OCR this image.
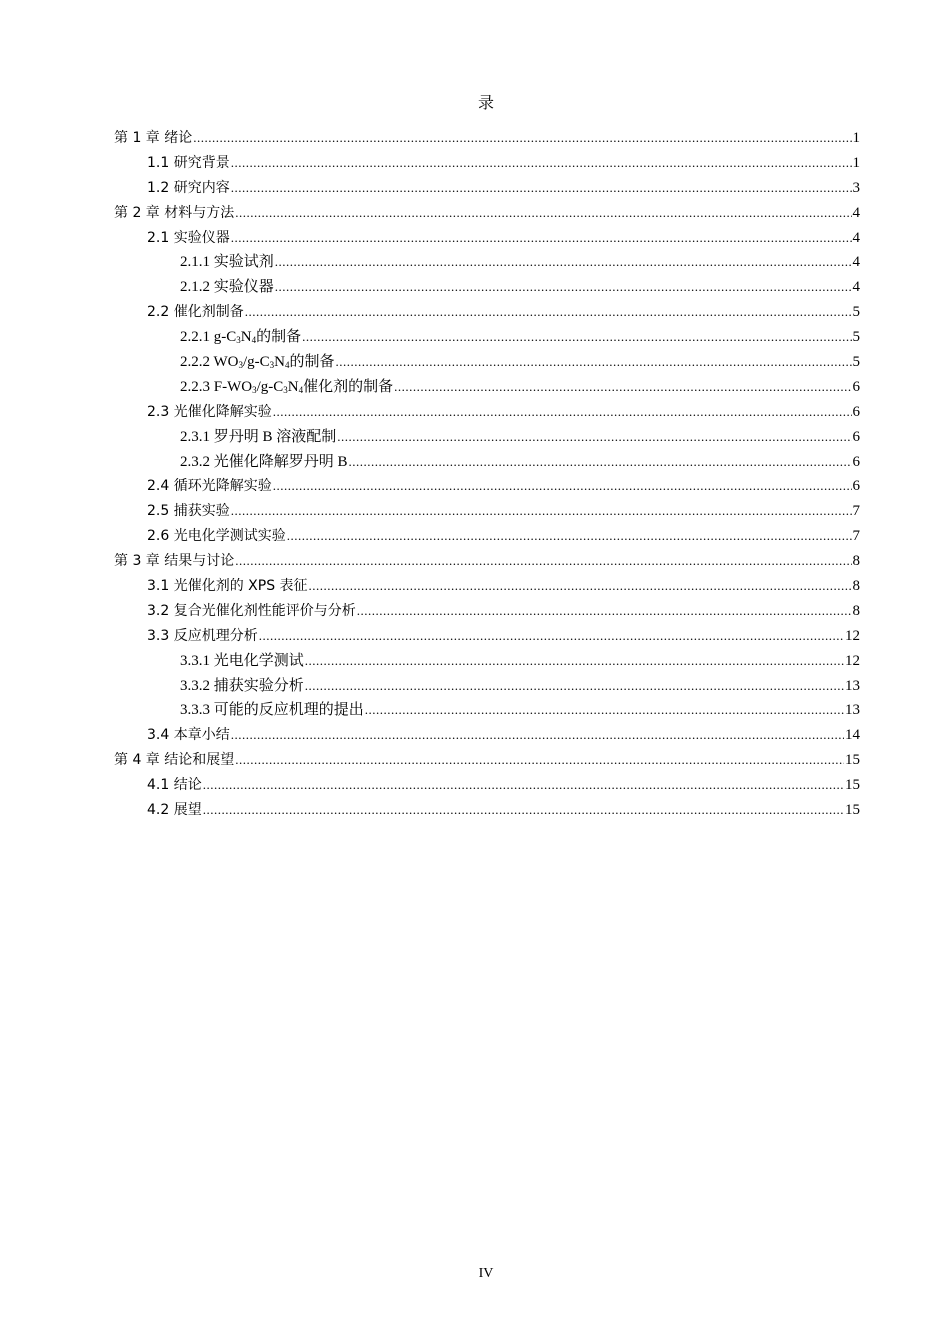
录
第 1 章 绪论 .....	1
1.1 研究背景 .....	1
1.2 研究内容 .....	3
第 2 章 材料与方法 .....	4
2.1 实验仪器 .....	4
2.1.1 实验试剂 .....	4
2.1.2 实验仪器 .....	4
2.2 催化剂制备 .....	5
2.2.1 $g-C_3N_4$的制备 .....	5
2.2.2 $WO_3/g-C_3N_4$的制备 .....	5
2.2.3 $F-WO_3/g-C_3N_4$催化剂的制备 .....	6
2.3 光催化降解实验 .....	6
2.3.1 罗丹明 B 溶液配制 .....	6
2.3.2 光催化降解罗丹明 B .....	6
2.4 循环光降解实验 .....	6
2.5 捕获实验 .....	7
2.6 光电化学测试实验 .....	7
第 3 章 结果与讨论 .....	8
3.1 光催化剂的 XPS 表征 .....	8
3.2 复合光催化剂性能评价与分析 .....	8
3.3 反应机理分析 .....	12
3.3.1 光电化学测试 .....	12
3.3.2 捕获实验分析 .....	13
3.3.3 可能的反应机理的提出 .....	13
3.4 本章小结 .....	14
第 4 章 结论和展望 .....	15
4.1 结论 .....	15
4.2 展望 .....	15
IV
